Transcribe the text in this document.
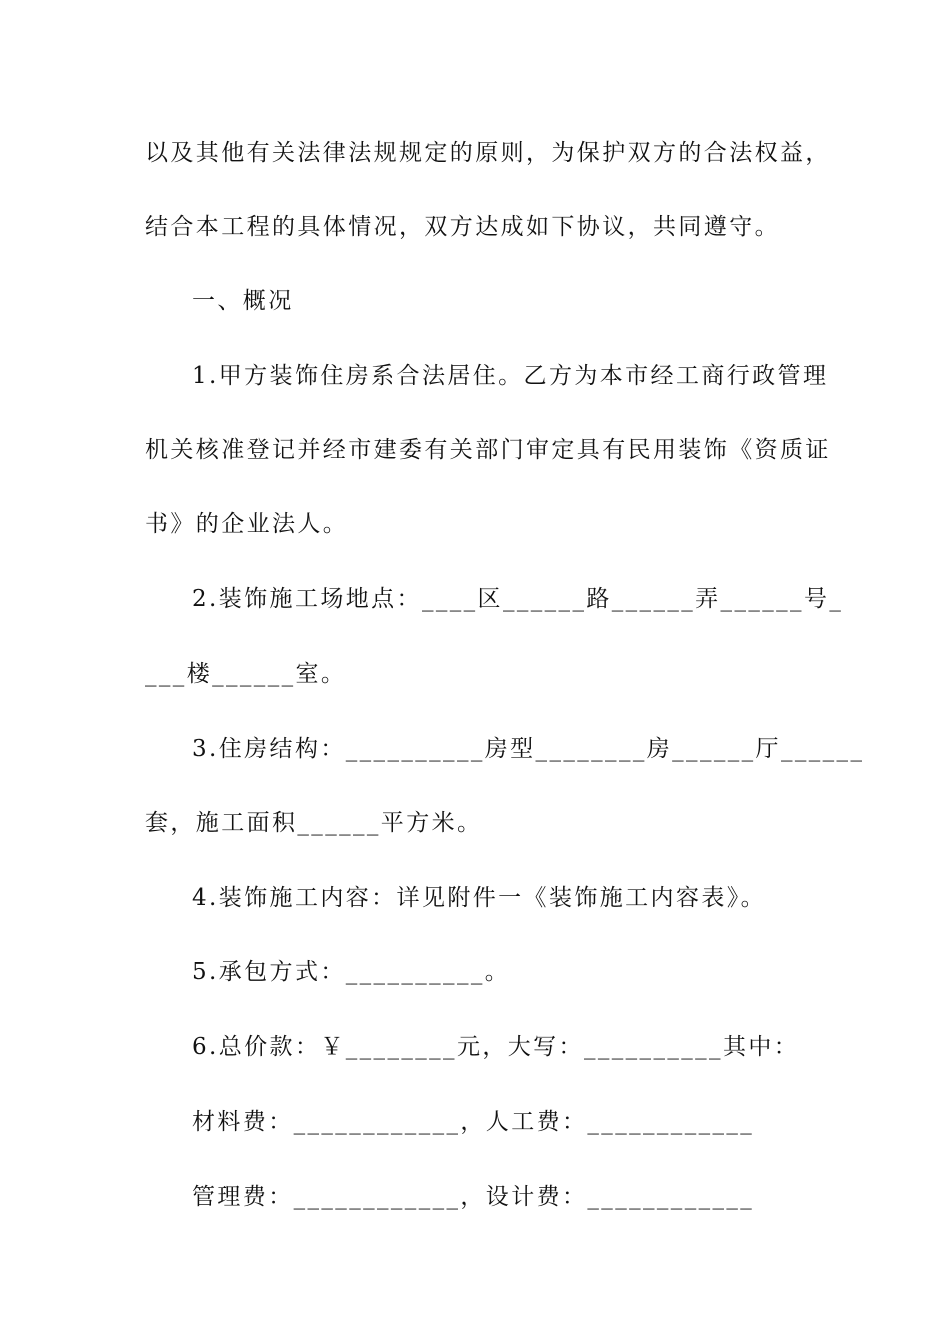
以及其他有关法律法规规定的原则，为保护双方的合法权益，
结合本工程的具体情况，双方达成如下协议，共同遵守。
一、概况
1.甲方装饰住房系合法居住。乙方为本市经工商行政管理
机关核准登记并经市建委有关部门审定具有民用装饰《资质证
书》的企业法人。
2.装饰施工场地点：____区______路______弄______号_
___楼______室。
3.住房结构：__________房型________房______厅______
套，施工面积______平方米。
4.装饰施工内容：详见附件一《装饰施工内容表》。
5.承包方式：__________。
6.总价款：￥________元，大写：__________其中：
材料费：____________，人工费：____________
管理费：____________，设计费：____________
